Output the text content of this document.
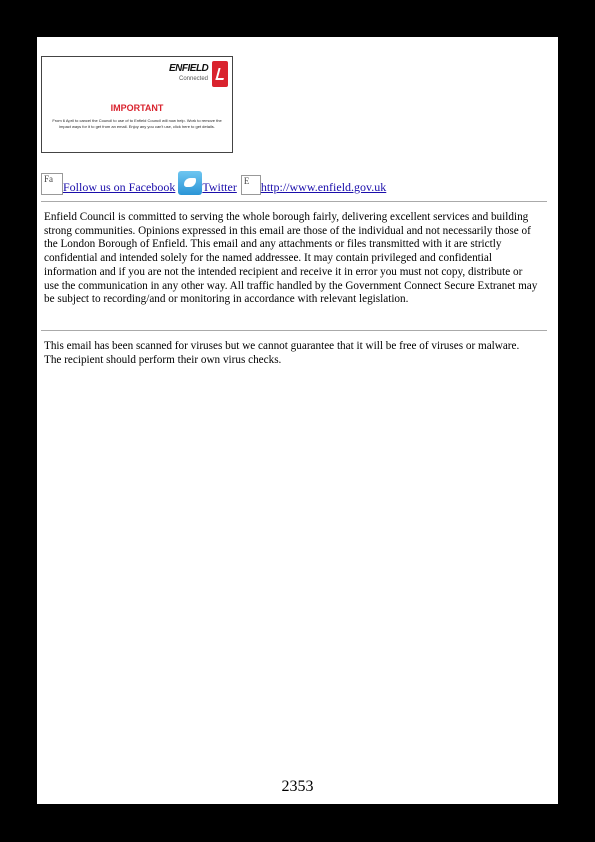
ENFIELD
Connected
IMPORTANT
From 6 April to cancel the Council to use of to Enfield Council will now help. Work to remove the impact ways for it to get from an email. Enjoy any you can't use, click here to get details.
Fa
Follow us on Facebook Twitter E http://www.enfield.gov.uk
Enfield Council is committed to serving the whole borough fairly, delivering excellent services and building strong communities. Opinions expressed in this email are those of the individual and not necessarily those of the London Borough of Enfield. This email and any attachments or files transmitted with it are strictly confidential and intended solely for the named addressee. It may contain privileged and confidential information and if you are not the intended recipient and receive it in error you must not copy, distribute or use the communication in any other way. All traffic handled by the Government Connect Secure Extranet may be subject to recording/and or monitoring in accordance with relevant legislation.
This email has been scanned for viruses but we cannot guarantee that it will be free of viruses or malware. The recipient should perform their own virus checks.
2353
